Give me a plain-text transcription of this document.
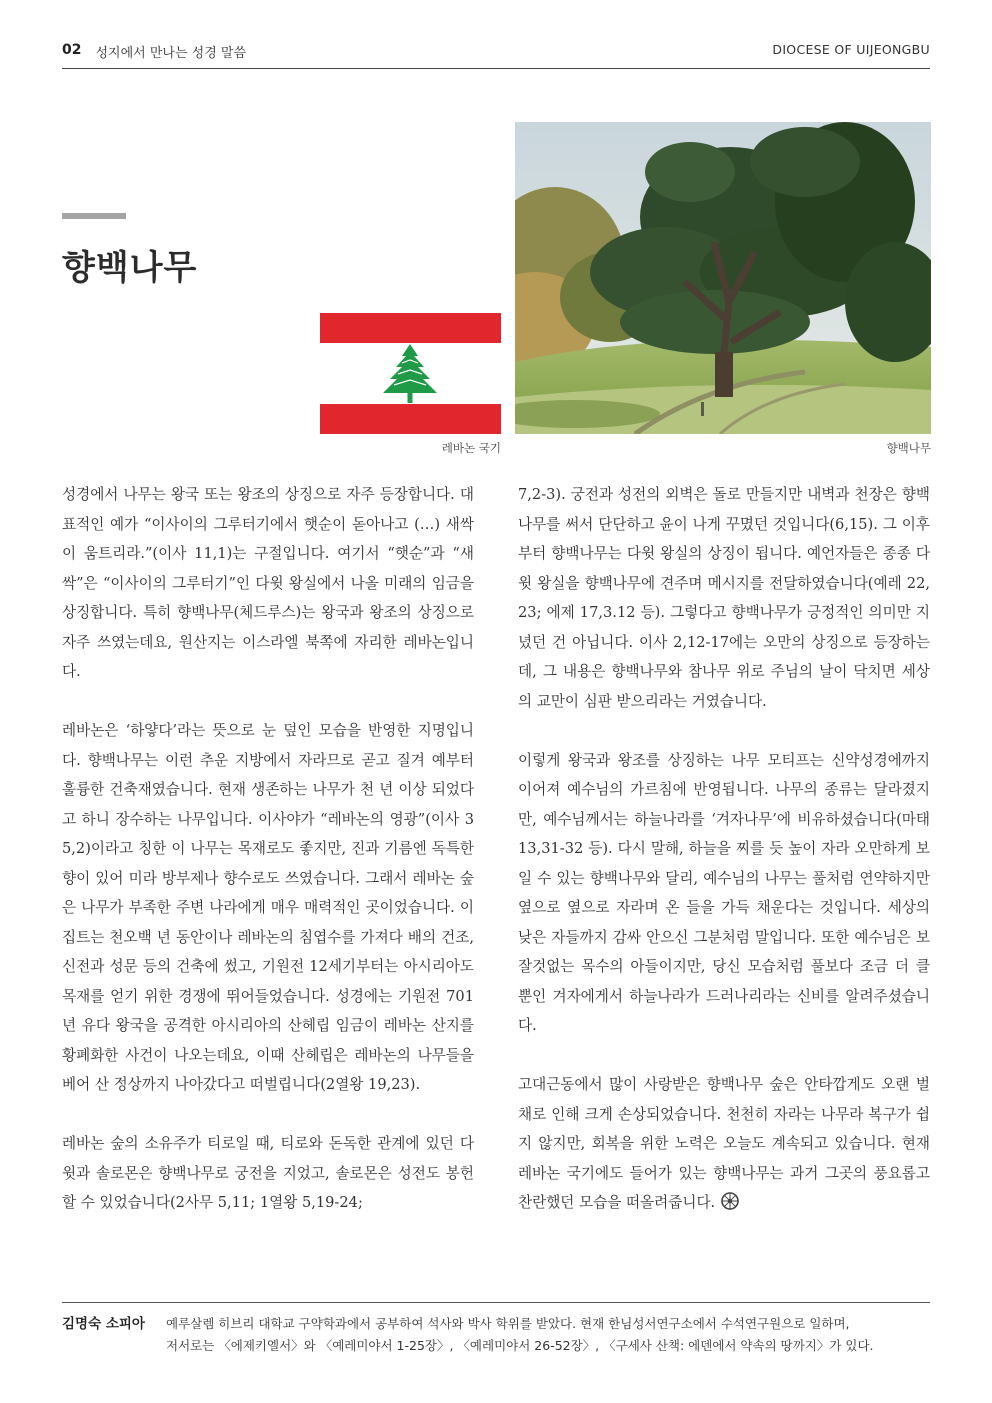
02 성지에서 만나는 성경 말씀	DIOCESE OF UIJEONGBU
향백나무
레바논 국기	향백나무

성경에서 나무는 왕국 또는 왕조의 상징으로 자주 등장합니다. 대표적인 예가 “이사이의 그루터기에서 햇순이 돋아나고 (…) 새싹이 움트리라.”(이사 11,1)는 구절입니다. 여기서 “햇순”과 “새싹”은 “이사이의 그루터기”인 다윗 왕실에서 나올 미래의 임금을 상징합니다. 특히 향백나무(체드루스)는 왕국과 왕조의 상징으로 자주 쓰였는데요, 원산지는 이스라엘 북쪽에 자리한 레바논입니다.

레바논은 ‘하얗다’라는 뜻으로 눈 덮인 모습을 반영한 지명입니다. 향백나무는 이런 추운 지방에서 자라므로 곧고 질겨 예부터 훌륭한 건축재였습니다. 현재 생존하는 나무가 천 년 이상 되었다고 하니 장수하는 나무입니다. 이사야가 “레바논의 영광”(이사 35,2)이라고 칭한 이 나무는 목재로도 좋지만, 진과 기름엔 독특한 향이 있어 미라 방부제나 향수로도 쓰였습니다. 그래서 레바논 숲은 나무가 부족한 주변 나라에게 매우 매력적인 곳이었습니다. 이집트는 천오백 년 동안이나 레바논의 침엽수를 가져다 배의 건조, 신전과 성문 등의 건축에 썼고, 기원전 12세기부터는 아시리아도 목재를 얻기 위한 경쟁에 뛰어들었습니다. 성경에는 기원전 701년 유다 왕국을 공격한 아시리아의 산헤립 임금이 레바논 산지를 황폐화한 사건이 나오는데요, 이때 산헤립은 레바논의 나무들을 베어 산 정상까지 나아갔다고 떠벌립니다(2열왕 19,23).

레바논 숲의 소유주가 티로일 때, 티로와 돈독한 관계에 있던 다윗과 솔로몬은 향백나무로 궁전을 지었고, 솔로몬은 성전도 봉헌할 수 있었습니다(2사무 5,11; 1열왕 5,19-24;

7,2-3). 궁전과 성전의 외벽은 돌로 만들지만 내벽과 천장은 향백나무를 써서 단단하고 윤이 나게 꾸몄던 것입니다(6,15). 그 이후부터 향백나무는 다윗 왕실의 상징이 됩니다. 예언자들은 종종 다윗 왕실을 향백나무에 견주며 메시지를 전달하였습니다(예레 22,23; 에제 17,3.12 등). 그렇다고 향백나무가 긍정적인 의미만 지녔던 건 아닙니다. 이사 2,12-17에는 오만의 상징으로 등장하는데, 그 내용은 향백나무와 참나무 위로 주님의 날이 닥치면 세상의 교만이 심판 받으리라는 거였습니다.

이렇게 왕국과 왕조를 상징하는 나무 모티프는 신약성경에까지 이어져 예수님의 가르침에 반영됩니다. 나무의 종류는 달라졌지만, 예수님께서는 하늘나라를 ‘겨자나무’에 비유하셨습니다(마태 13,31-32 등). 다시 말해, 하늘을 찌를 듯 높이 자라 오만하게 보일 수 있는 향백나무와 달리, 예수님의 나무는 풀처럼 연약하지만 옆으로 옆으로 자라며 온 들을 가득 채운다는 것입니다. 세상의 낮은 자들까지 감싸 안으신 그분처럼 말입니다. 또한 예수님은 보잘것없는 목수의 아들이지만, 당신 모습처럼 풀보다 조금 더 클 뿐인 겨자에게서 하늘나라가 드러나리라는 신비를 알려주셨습니다.

고대근동에서 많이 사랑받은 향백나무 숲은 안타깝게도 오랜 벌채로 인해 크게 손상되었습니다. 천천히 자라는 나무라 복구가 쉽지 않지만, 회복을 위한 노력은 오늘도 계속되고 있습니다. 현재 레바논 국기에도 들어가 있는 향백나무는 과거 그곳의 풍요롭고 찬란했던 모습을 떠올려줍니다.

김명숙 소피아	예루살렘 히브리 대학교 구약학과에서 공부하여 석사와 박사 학위를 받았다. 현재 한님성서연구소에서 수석연구원으로 일하며,
저서로는 〈에제키엘서〉와 〈예레미야서 1-25장〉, 〈예레미야서 26-52장〉, 〈구세사 산책: 에덴에서 약속의 땅까지〉가 있다.
